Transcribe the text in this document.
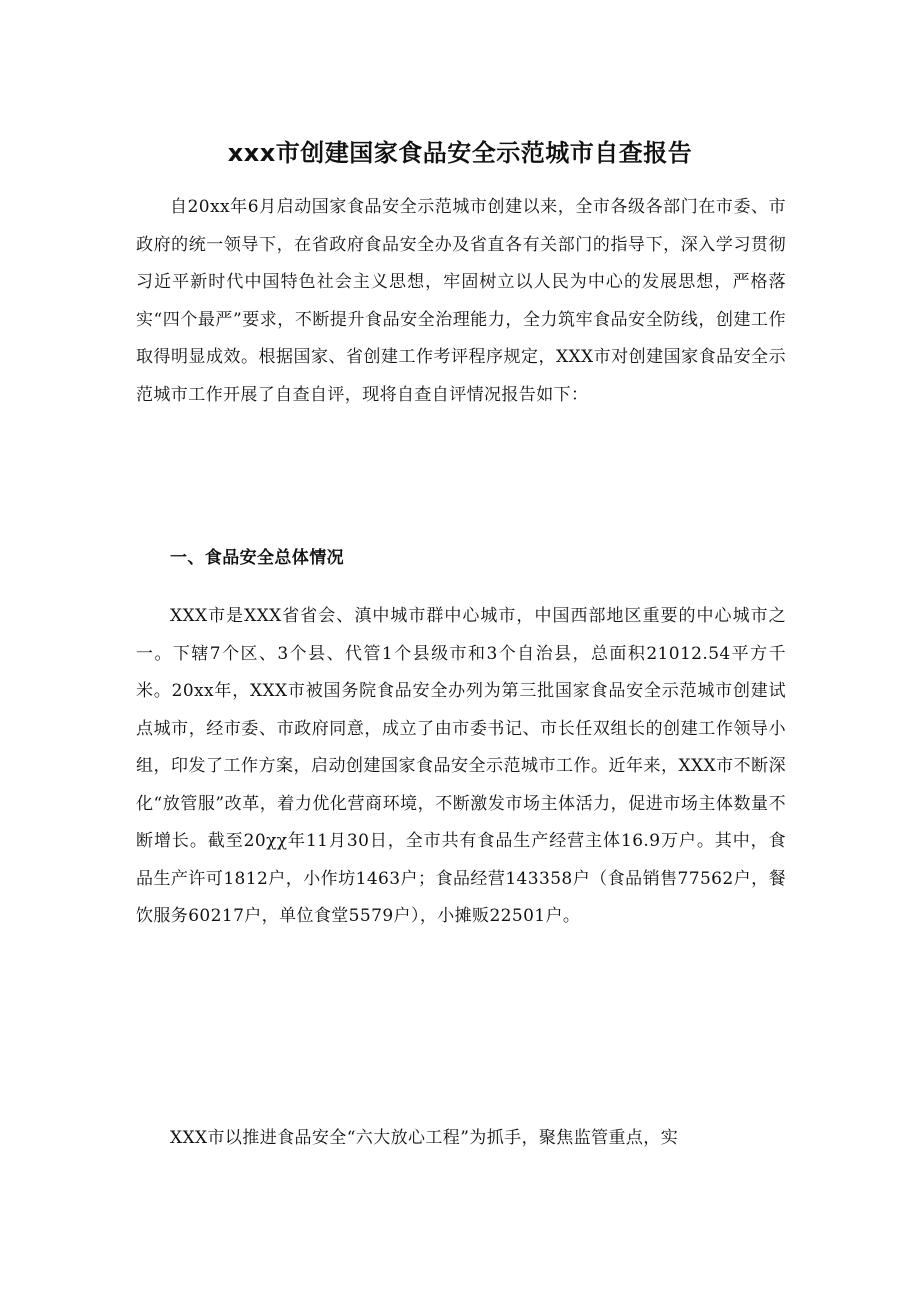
xxx市创建国家食品安全示范城市自查报告

自20xx年6月启动国家食品安全示范城市创建以来，全市各级各部门在市委、市政府的统一领导下，在省政府食品安全办及省直各有关部门的指导下，深入学习贯彻习近平新时代中国特色社会主义思想，牢固树立以人民为中心的发展思想，严格落实“四个最严”要求，不断提升食品安全治理能力，全力筑牢食品安全防线，创建工作取得明显成效。根据国家、省创建工作考评程序规定，XXX市对创建国家食品安全示范城市工作开展了自查自评，现将自查自评情况报告如下：

一、食品安全总体情况

XXX市是XXX省省会、滇中城市群中心城市，中国西部地区重要的中心城市之一。下辖7个区、3个县、代管1个县级市和3个自治县，总面积21012.54平方千米。20xx年，XXX市被国务院食品安全办列为第三批国家食品安全示范城市创建试点城市，经市委、市政府同意，成立了由市委书记、市长任双组长的创建工作领导小组，印发了工作方案，启动创建国家食品安全示范城市工作。近年来，XXX市不断深化“放管服”改革，着力优化营商环境，不断激发市场主体活力，促进市场主体数量不断增长。截至20χχ年11月30日，全市共有食品生产经营主体16.9万户。其中，食品生产许可1812户，小作坊1463户；食品经营143358户（食品销售77562户，餐饮服务60217户，单位食堂5579户），小摊贩22501户。

XXX市以推进食品安全“六大放心工程”为抓手，聚焦监管重点，实
